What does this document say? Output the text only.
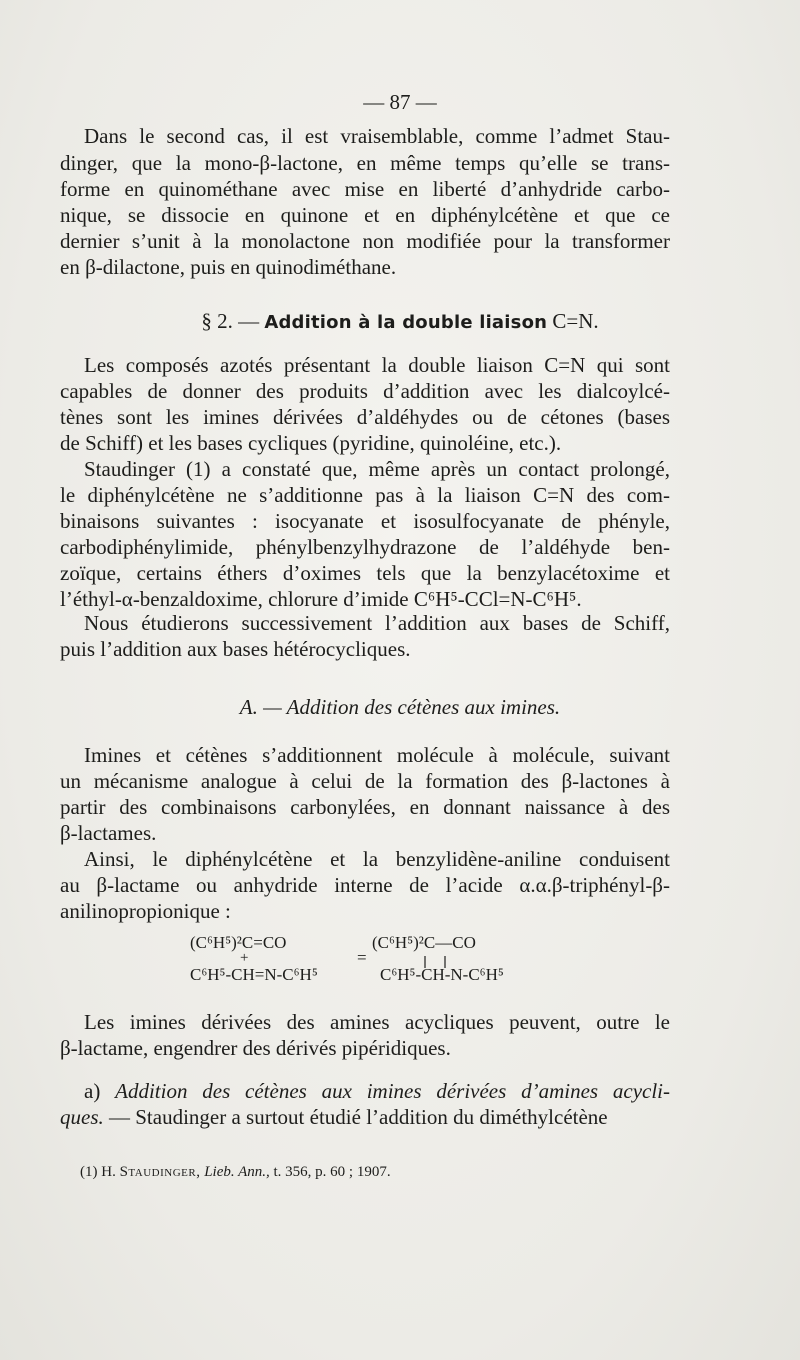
— 87 —
Dans le second cas, il est vraisemblable, comme l’admet Stau-
dinger, que la mono-β-lactone, en même temps qu’elle se trans-
forme en quinométhane avec mise en liberté d’anhydride carbo-
nique, se dissocie en quinone et en diphénylcétène et que ce
dernier s’unit à la monolactone non modifiée pour la transformer
en β-dilactone, puis en quinodiméthane.
§ 2. — Addition à la double liaison C=N.
Les composés azotés présentant la double liaison C=N qui sont
capables de donner des produits d’addition avec les dialcoylcé-
tènes sont les imines dérivées d’aldéhydes ou de cétones (bases
de Schiff) et les bases cycliques (pyridine, quinoléine, etc.).
Staudinger (1) a constaté que, même après un contact prolongé,
le diphénylcétène ne s’additionne pas à la liaison C=N des com-
binaisons suivantes : isocyanate et isosulfocyanate de phényle,
carbodiphénylimide, phénylbenzylhydrazone de l’aldéhyde ben-
zoïque, certains éthers d’oximes tels que la benzylacétoxime et
l’éthyl-α-benzaldoxime, chlorure d’imide C⁶H⁵-CCl=N-C⁶H⁵.
Nous étudierons successivement l’addition aux bases de Schiff,
puis l’addition aux bases hétérocycliques.
A. — Addition des cétènes aux imines.
Imines et cétènes s’additionnent molécule à molécule, suivant
un mécanisme analogue à celui de la formation des β-lactones à
partir des combinaisons carbonylées, en donnant naissance à des
β-lactames.
Ainsi, le diphénylcétène et la benzylidène-aniline conduisent
au β-lactame ou anhydride interne de l’acide α.α.β-triphényl-β-
anilinopropionique :
(C⁶H⁵)²C=CO
+
C⁶H⁵-CH=N-C⁶H⁵
=
(C⁶H⁵)²C—CO
C⁶H⁵-CH-N-C⁶H⁵
Les imines dérivées des amines acycliques peuvent, outre le
β-lactame, engendrer des dérivés pipéridiques.
a) Addition des cétènes aux imines dérivées d’amines acycli-
ques. — Staudinger a surtout étudié l’addition du diméthylcétène
(1) H. Staudinger, Lieb. Ann., t. 356, p. 60 ; 1907.
